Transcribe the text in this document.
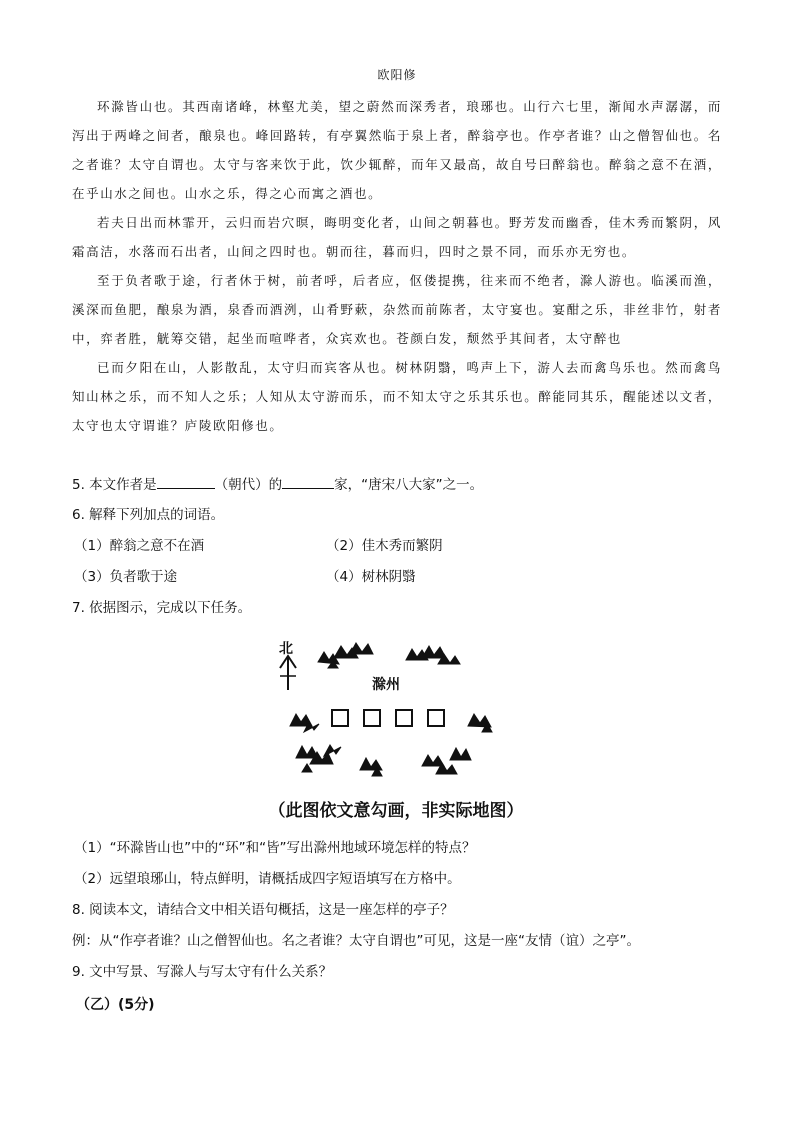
欧阳修

环滁皆山也。其西南诸峰，林壑尤美，望之蔚然而深秀者，琅琊也。山行六七里，渐闻水声潺潺，而泻出于两峰之间者，酿泉也。峰回路转，有亭翼然临于泉上者，醉翁亭也。作亭者谁？山之僧智仙也。名之者谁？太守自谓也。太守与客来饮于此，饮少辄醉，而年又最高，故自号曰醉翁也。醉翁之意不在酒，在乎山水之间也。山水之乐，得之心而寓之酒也。

若夫日出而林霏开，云归而岩穴暝，晦明变化者，山间之朝暮也。野芳发而幽香，佳木秀而繁阴，风霜高洁，水落而石出者，山间之四时也。朝而往，暮而归，四时之景不同，而乐亦无穷也。

至于负者歌于途，行者休于树，前者呼，后者应，伛偻提携，往来而不绝者，滁人游也。临溪而渔，溪深而鱼肥，酿泉为酒，泉香而酒洌，山肴野蔌，杂然而前陈者，太守宴也。宴酣之乐，非丝非竹，射者中，弈者胜，觥筹交错，起坐而喧哗者，众宾欢也。苍颜白发，颓然乎其间者，太守醉也

已而夕阳在山，人影散乱，太守归而宾客从也。树林阴翳，鸣声上下，游人去而禽鸟乐也。然而禽鸟知山林之乐，而不知人之乐；人知从太守游而乐，而不知太守之乐其乐也。醉能同其乐，醒能述以文者，太守也太守谓谁？庐陵欧阳修也。

5. 本文作者是	（朝代）的	家，“唐宋八大家”之一。
6. 解释下列加点的词语。
（1）醉翁之意不在酒	（2）佳木秀而繁阴
（3）负者歌于途	（4）树林阴翳
7. 依据图示，完成以下任务。
北
滁州
（此图依文意勾画，非实际地图）
（1）“环滁皆山也”中的“环”和“皆”写出滁州地域环境怎样的特点？
（2）远望琅琊山，特点鲜明，请概括成四字短语填写在方格中。
8. 阅读本文，请结合文中相关语句概括，这是一座怎样的亭子？
例：从“作亭者谁？山之僧智仙也。名之者谁？太守自谓也”可见，这是一座“友情（谊）之亭”。
9. 文中写景、写滁人与写太守有什么关系？
（乙）(5分)
